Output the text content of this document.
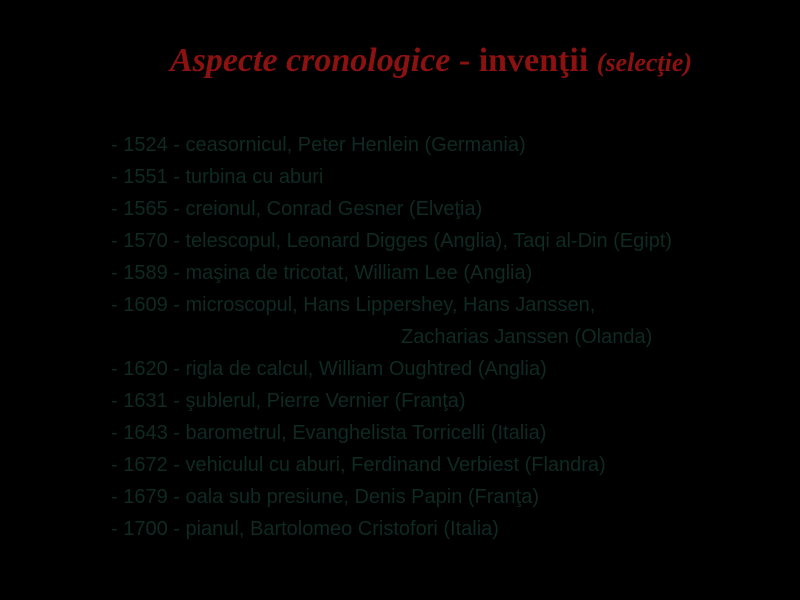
Aspecte cronologice - invenţii (selecţie)
- 1524 - ceasornicul, Peter Henlein (Germania)
- 1551 - turbina cu aburi
- 1565 - creionul, Conrad Gesner (Elveţia)
- 1570 - telescopul, Leonard Digges (Anglia), Taqi al-Din (Egipt)
- 1589 - maşina de tricotat, William Lee (Anglia)
- 1609 - microscopul, Hans Lippershey, Hans Janssen,
Zacharias Janssen (Olanda)
- 1620 - rigla de calcul, William Oughtred (Anglia)
- 1631 - şublerul, Pierre Vernier (Franţa)
- 1643 - barometrul, Evanghelista Torricelli (Italia)
- 1672 - vehiculul cu aburi, Ferdinand Verbiest (Flandra)
- 1679 - oala sub presiune, Denis Papin (Franţa)
- 1700 - pianul, Bartolomeo Cristofori (Italia)
